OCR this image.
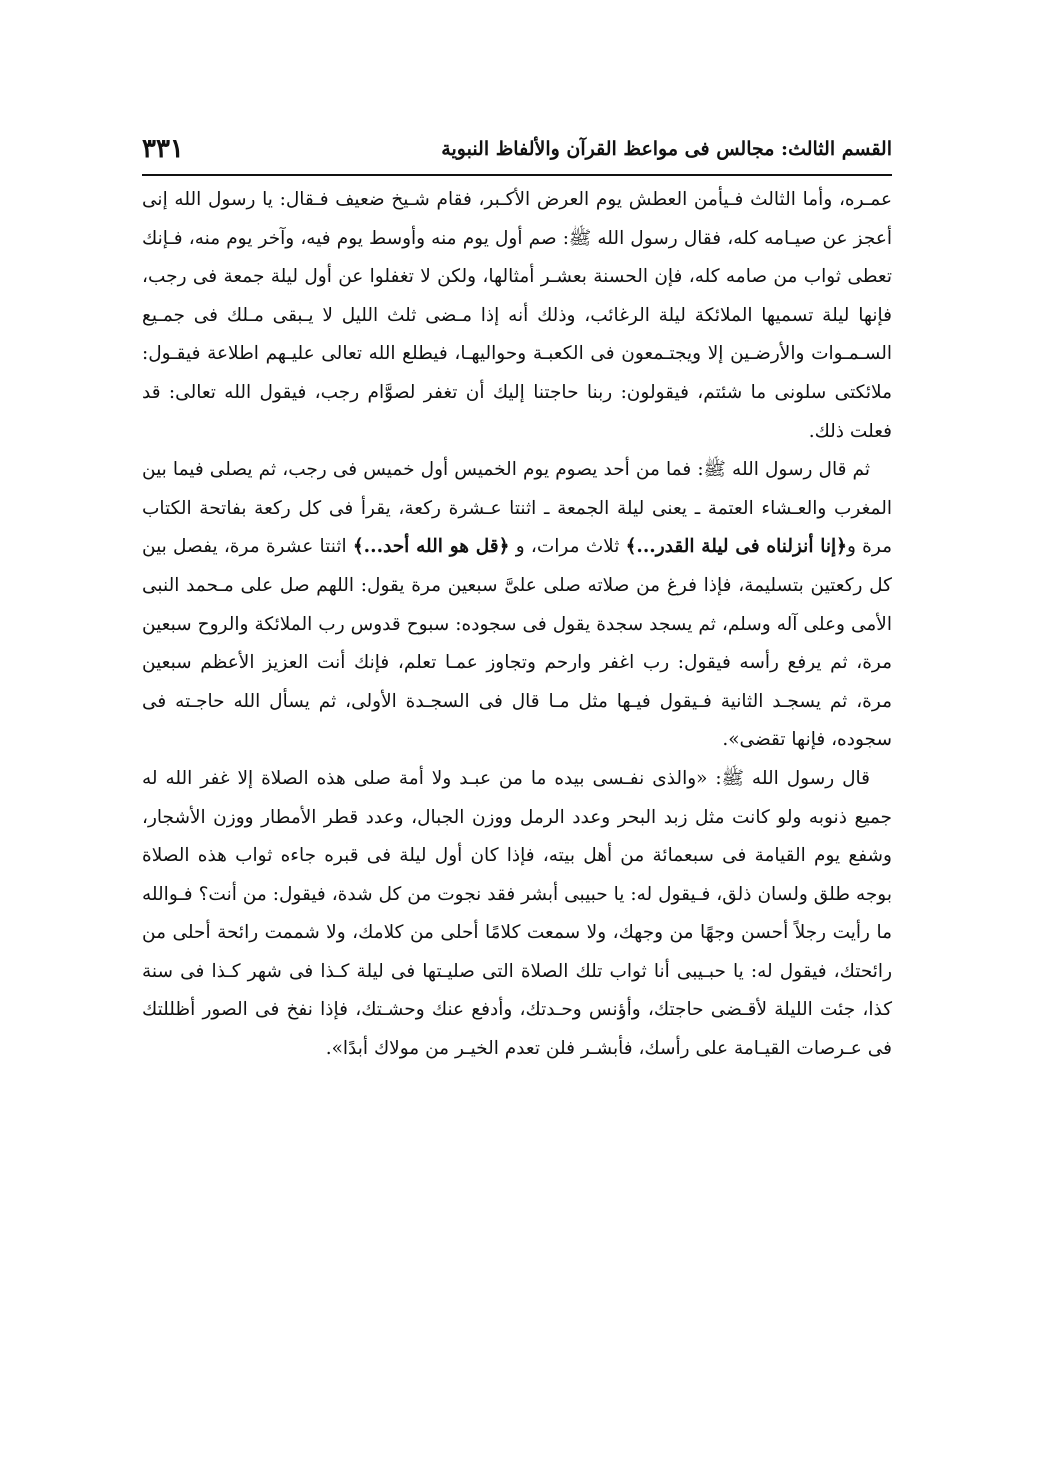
القسم الثالث: مجالس فى مواعظ القرآن والألفاظ النبوية
٣٣١

عمـره، وأما الثالث فـيأمن العطش يوم العرض الأكـبر، فقام شـيخ ضعيف فـقال: يا رسول الله إنى أعجز عن صيـامه كله، فقال رسول الله ﷺ: صم أول يوم منه وأوسط يوم فيه، وآخر يوم منه، فـإنك تعطى ثواب من صامه كله، فإن الحسنة بعشـر أمثالها، ولكن لا تغفلوا عن أول ليلة جمعة فى رجب، فإنها ليلة تسميها الملائكة ليلة الرغائب، وذلك أنه إذا مـضى ثلث الليل لا يـبقى مـلك فى جمـيع السـمـوات والأرضـين إلا ويجتـمعون فى الكعبـة وحواليهـا، فيطلع الله تعالى عليـهم اطلاعة فيقـول: ملائكتى سلونى ما شئتم، فيقولون: ربنا حاجتنا إليك أن تغفر لصوَّام رجب، فيقول الله تعالى: قد فعلت ذلك.

ثم قال رسول الله ﷺ: فما من أحد يصوم يوم الخميس أول خميس فى رجب، ثم يصلى فيما بين المغرب والعـشاء العتمة ـ يعنى ليلة الجمعة ـ اثنتا عـشرة ركعة، يقرأ فى كل ركعة بفاتحة الكتاب مرة و﴿إنا أنزلناه فى ليلة القدر...﴾ ثلاث مرات، و ﴿قل هو الله أحد...﴾ اثنتا عشرة مرة، يفصل بين كل ركعتين بتسليمة، فإذا فرغ من صلاته صلى علىَّ سبعين مرة يقول: اللهم صل على مـحمد النبى الأمى وعلى آله وسلم، ثم يسجد سجدة يقول فى سجوده: سبوح قدوس رب الملائكة والروح سبعين مرة، ثم يرفع رأسه فيقول: رب اغفر وارحم وتجاوز عمـا تعلم، فإنك أنت العزيز الأعظم سبعين مرة، ثم يسجـد الثانية فـيقول فيـها مثل مـا قال فى السجـدة الأولى، ثم يسأل الله حاجـته فى سجوده، فإنها تقضى».

قال رسول الله ﷺ: «والذى نفـسى بيده ما من عبـد ولا أمة صلى هذه الصلاة إلا غفر الله له جميع ذنوبه ولو كانت مثل زبد البحر وعدد الرمل ووزن الجبال، وعدد قطر الأمطار ووزن الأشجار، وشفع يوم القيامة فى سبعمائة من أهل بيته، فإذا كان أول ليلة فى قبره جاءه ثواب هذه الصلاة بوجه طلق ولسان ذلق، فـيقول له: يا حبيبى أبشر فقد نجوت من كل شدة، فيقول: من أنت؟ فـوالله ما رأيت رجلاً أحسن وجهًا من وجهك، ولا سمعت كلامًا أحلى من كلامك، ولا شممت رائحة أحلى من رائحتك، فيقول له: يا حبـيبى أنا ثواب تلك الصلاة التى صليـتها فى ليلة كـذا فى شهر كـذا فى سنة كذا، جئت الليلة لأقـضى حاجتك، وأؤنس وحـدتك، وأدفع عنك وحشـتك، فإذا نفخ فى الصور أظللتك فى عـرصات القيـامة على رأسك، فأبشـر فلن تعدم الخيـر من مولاك أبدًا».
